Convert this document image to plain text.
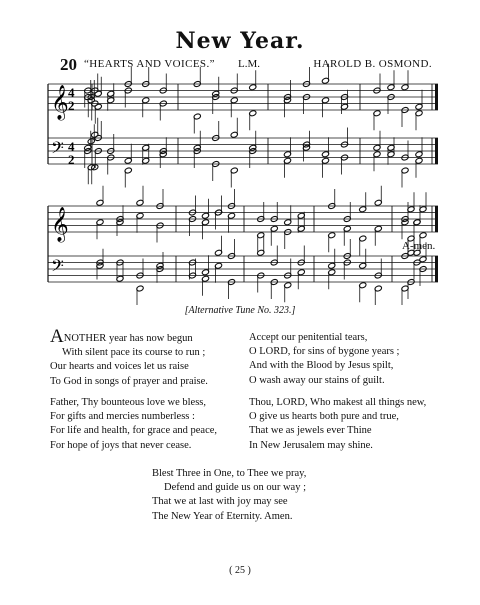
New Year.
20 “HEARTS AND VOICES.” L.M.	HAROLD B. OSMOND.
𝄞
𝄢
4
2
4
2
𝄞
𝄢
A-men.
[Alternative Tune No. 323.]
ANOTHER year has now begun
With silent pace its course to run ;
Our hearts and voices let us raise
To God in songs of prayer and praise.
Father, Thy bounteous love we bless,
For gifts and mercies numberless :
For life and health, for grace and peace,
For hope of joys that never cease.
Accept our penitential tears,
O LORD, for sins of bygone years ;
And with the Blood by Jesus spilt,
O wash away our stains of guilt.
Thou, LORD, Who makest all things new,
O give us hearts both pure and true,
That we as jewels ever Thine
In New Jerusalem may shine.
Blest Three in One, to Thee we pray,
Defend and guide us on our way ;
That we at last with joy may see
The New Year of Eternity. Amen.
( 25 )
